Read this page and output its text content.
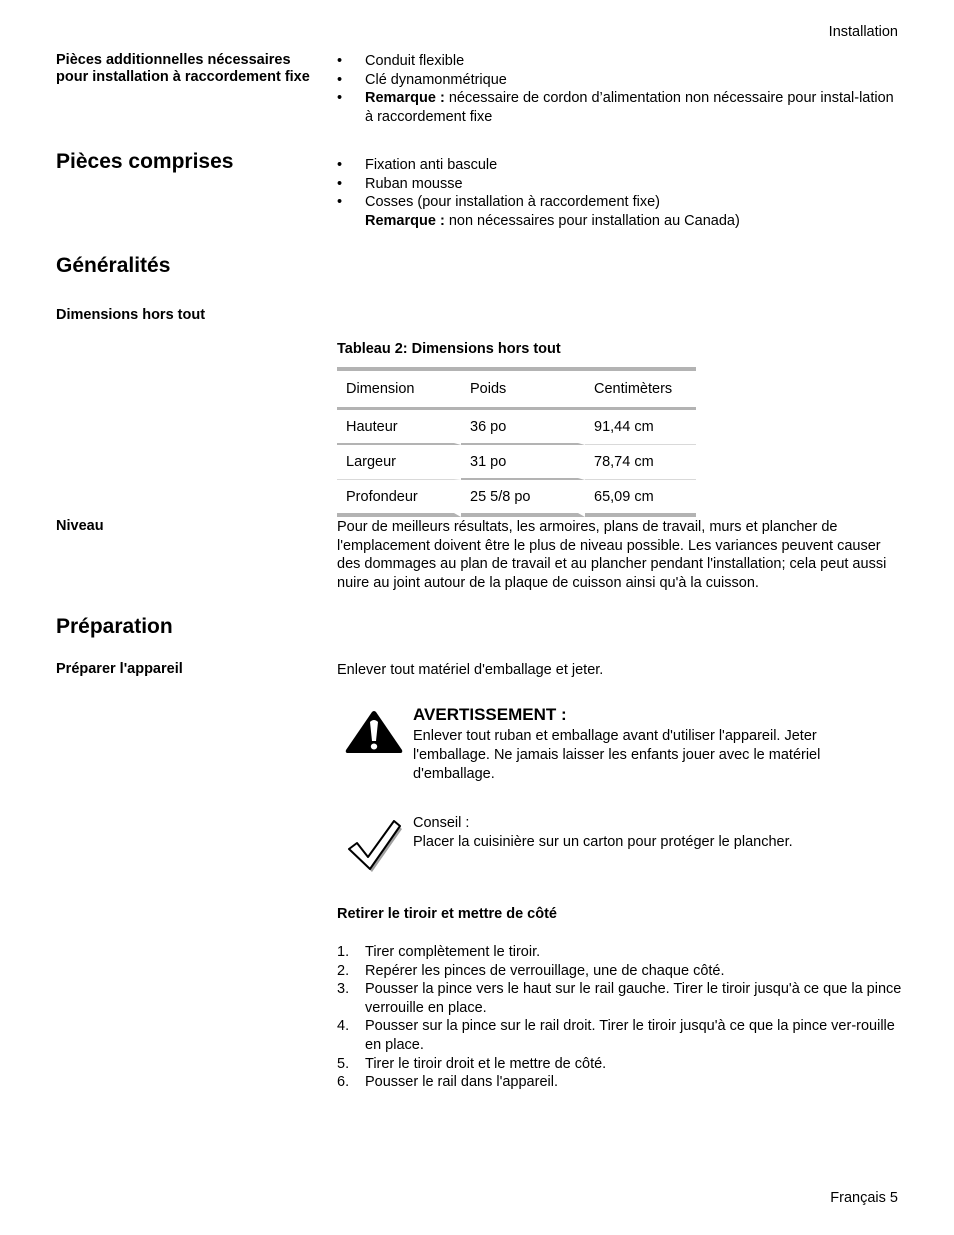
Installation
Français 5
Pièces additionnelles nécessaires pour installation à raccordement fixe
• Conduit flexible
• Clé dynamonmétrique
• Remarque : nécessaire de cordon d’alimentation non nécessaire pour instal-lation à raccordement fixe
Pièces comprises	• Fixation anti bascule
• Ruban mousse
• Cosses (pour installation à raccordement fixe)
Remarque : non nécessaires pour installation au Canada)
Généralités
Dimensions hors tout
Tableau 2: Dimensions hors tout
Dimension	Poids	Centimèters
Hauteur	36 po	91,44 cm
Largeur	31 po	78,74 cm
Profondeur	25 5/8 po	65,09 cm
Niveau	Pour de meilleurs résultats, les armoires, plans de travail, murs et plancher de l'emplacement doivent être le plus de niveau possible. Les variances peuvent causer des dommages au plan de travail et au plancher pendant l'installation; cela peut aussi nuire au joint autour de la plaque de cuisson ainsi qu'à la cuisson.
Préparation
Préparer l'appareil	Enlever tout matériel d'emballage et jeter.
AVERTISSEMENT :
Enlever tout ruban et emballage avant d'utiliser l'appareil. Jeter l'emballage. Ne jamais laisser les enfants jouer avec le matériel d'emballage.
Conseil :
Placer la cuisinière sur un carton pour protéger le plancher.
Retirer le tiroir et mettre de côté
1. Tirer complètement le tiroir.
2. Repérer les pinces de verrouillage, une de chaque côté.
3. Pousser la pince vers le haut sur le rail gauche. Tirer le tiroir jusqu'à ce que la pince verrouille en place.
4. Pousser sur la pince sur le rail droit. Tirer le tiroir jusqu'à ce que la pince ver-rouille en place.
5. Tirer le tiroir droit et le mettre de côté.
6. Pousser le rail dans l'appareil.
